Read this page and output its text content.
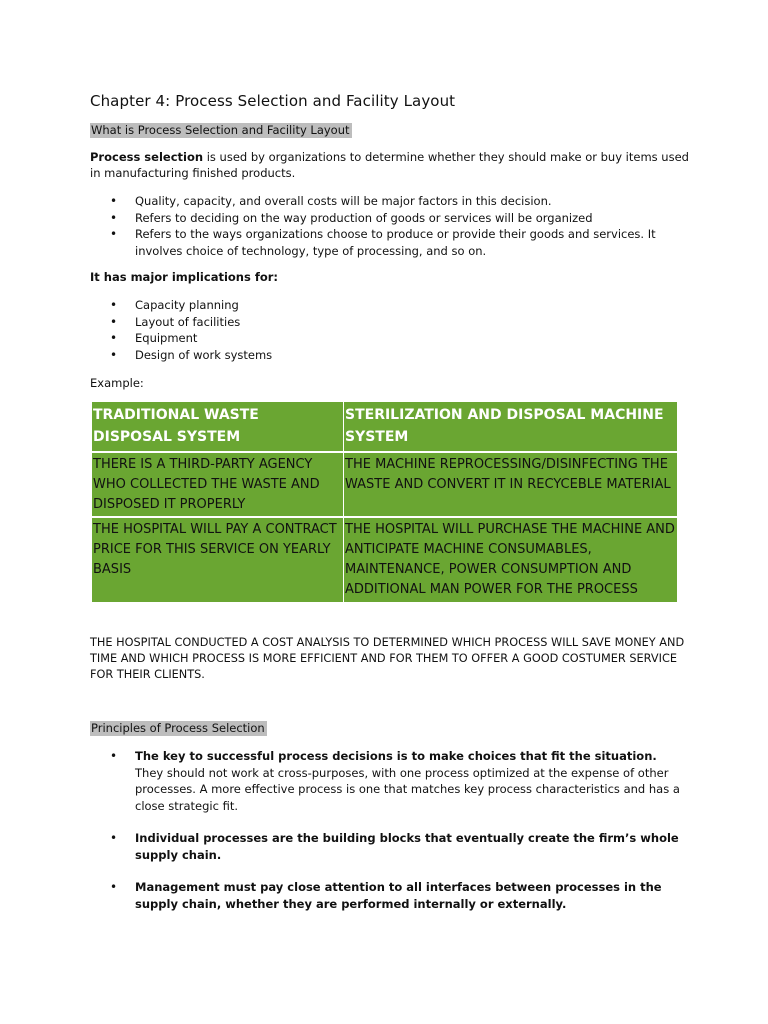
Chapter 4: Process Selection and Facility Layout

What is Process Selection and Facility Layout

Process selection is used by organizations to determine whether they should make or buy items used in manufacturing finished products.

• Quality, capacity, and overall costs will be major factors in this decision.
• Refers to deciding on the way production of goods or services will be organized
• Refers to the ways organizations choose to produce or provide their goods and services. It involves choice of technology, type of processing, and so on.

It has major implications for:

• Capacity planning
• Layout of facilities
• Equipment
• Design of work systems

Example:

TRADITIONAL WASTE DISPOSAL SYSTEM	STERILIZATION AND DISPOSAL MACHINE SYSTEM
THERE IS A THIRD-PARTY AGENCY WHO COLLECTED THE WASTE AND DISPOSED IT PROPERLY	THE MACHINE REPROCESSING/DISINFECTING THE WASTE AND CONVERT IT IN RECYCEBLE MATERIAL
THE HOSPITAL WILL PAY A CONTRACT PRICE FOR THIS SERVICE ON YEARLY BASIS	THE HOSPITAL WILL PURCHASE THE MACHINE AND ANTICIPATE MACHINE CONSUMABLES, MAINTENANCE, POWER CONSUMPTION AND ADDITIONAL MAN POWER FOR THE PROCESS

THE HOSPITAL CONDUCTED A COST ANALYSIS TO DETERMINED WHICH PROCESS WILL SAVE MONEY AND TIME AND WHICH PROCESS IS MORE EFFICIENT AND FOR THEM TO OFFER A GOOD COSTUMER SERVICE FOR THEIR CLIENTS.

Principles of Process Selection

• The key to successful process decisions is to make choices that fit the situation.
They should not work at cross-purposes, with one process optimized at the expense of other processes. A more effective process is one that matches key process characteristics and has a close strategic fit.
• Individual processes are the building blocks that eventually create the firm’s whole supply chain.
• Management must pay close attention to all interfaces between processes in the supply chain, whether they are performed internally or externally.
